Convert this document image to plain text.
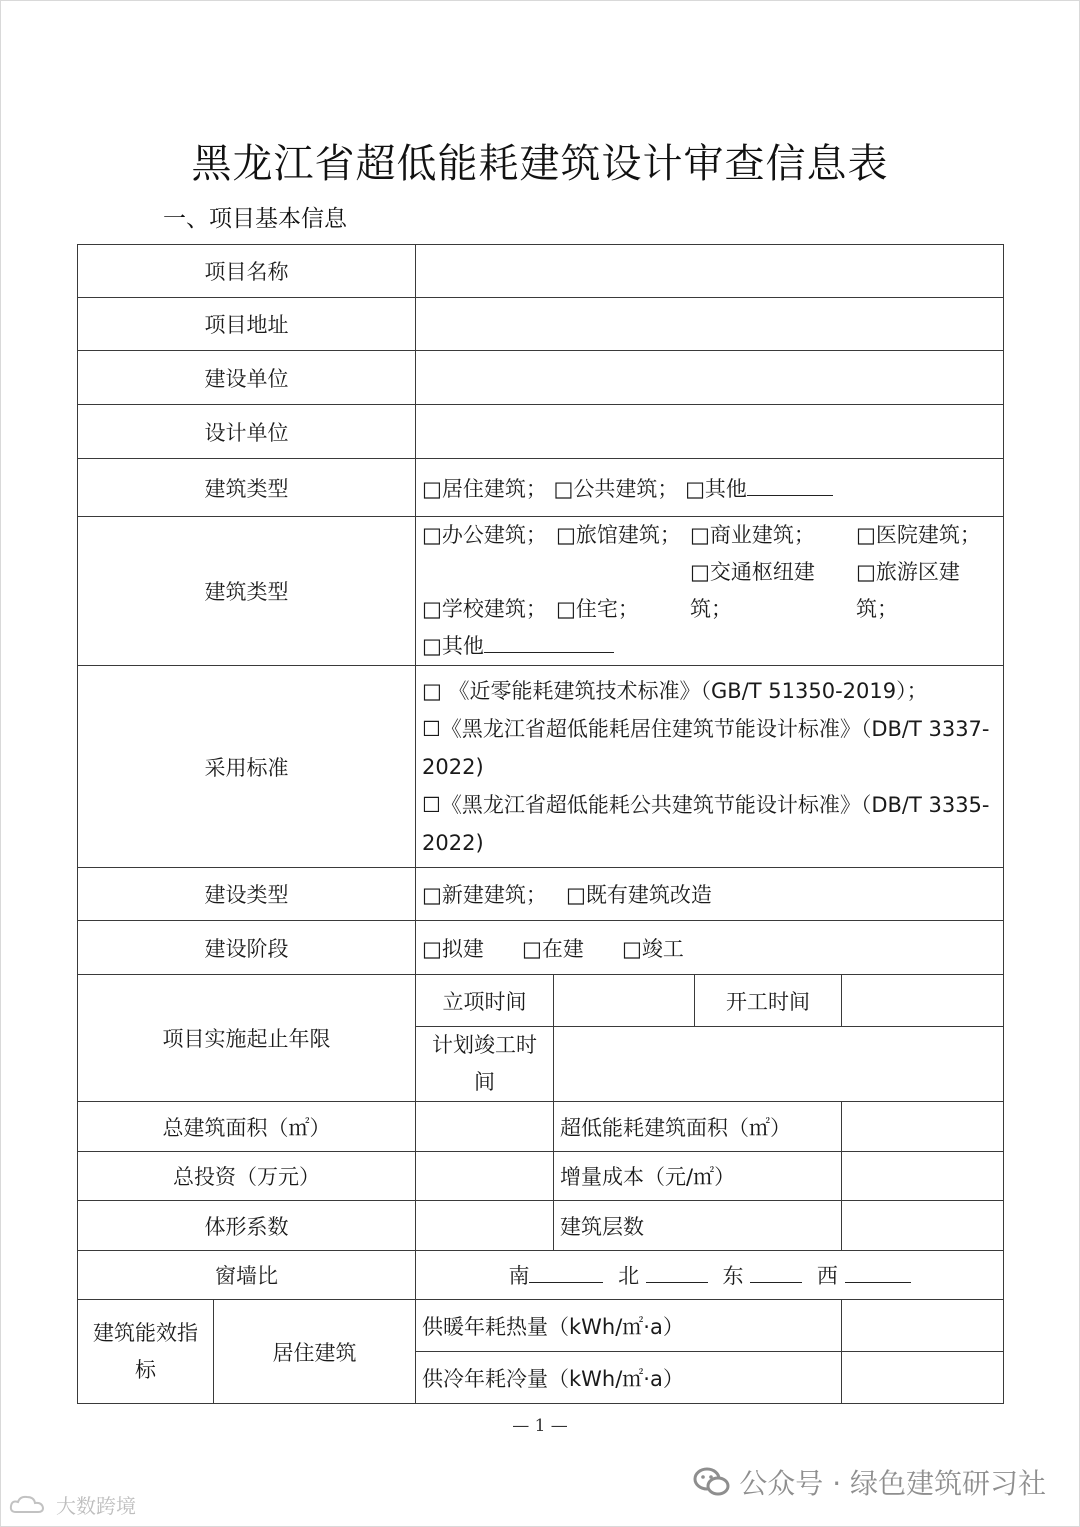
黑龙江省超低能耗建筑设计审查信息表
一、项目基本信息
项目名称					
项目地址					
建设单位					
设计单位					
建筑类型		□居住建筑； □公共建筑； □其他			
建筑类型		□办公建筑； □旅馆建筑； □商业建筑； □医院建筑；
□学校建筑； □住宅；□交通枢纽建筑；□旅游区建筑；
□其他			
采用标准		□ 《近零能耗建筑技术标准》（GB/T 51350-2019）；
☐《黑龙江省超低能耗居住建筑节能设计标准》（DB/T 3337-2022)
☐《黑龙江省超低能耗公共建筑节能设计标准》（DB/T 3335-2022)			

建设类型		□新建建筑； □既有建筑改造			
建设阶段		□拟建 □在建 □竣工			
项目实施起止年限		立项时间		开工时间	
		计划竣工时间			
总建筑面积（㎡）			超低能耗建筑面积（㎡）		
总投资（万元）			增量成本（元/㎡）		
体形系数			建筑层数		
窗墙比		南 北 东 西			
建筑能效指标	居住建筑	供暖年耗热量（kWh/㎡·a）			
		供冷年耗冷量（kWh/㎡·a）			
— 1 —
公众号 · 绿色建筑研习社
大数跨境
